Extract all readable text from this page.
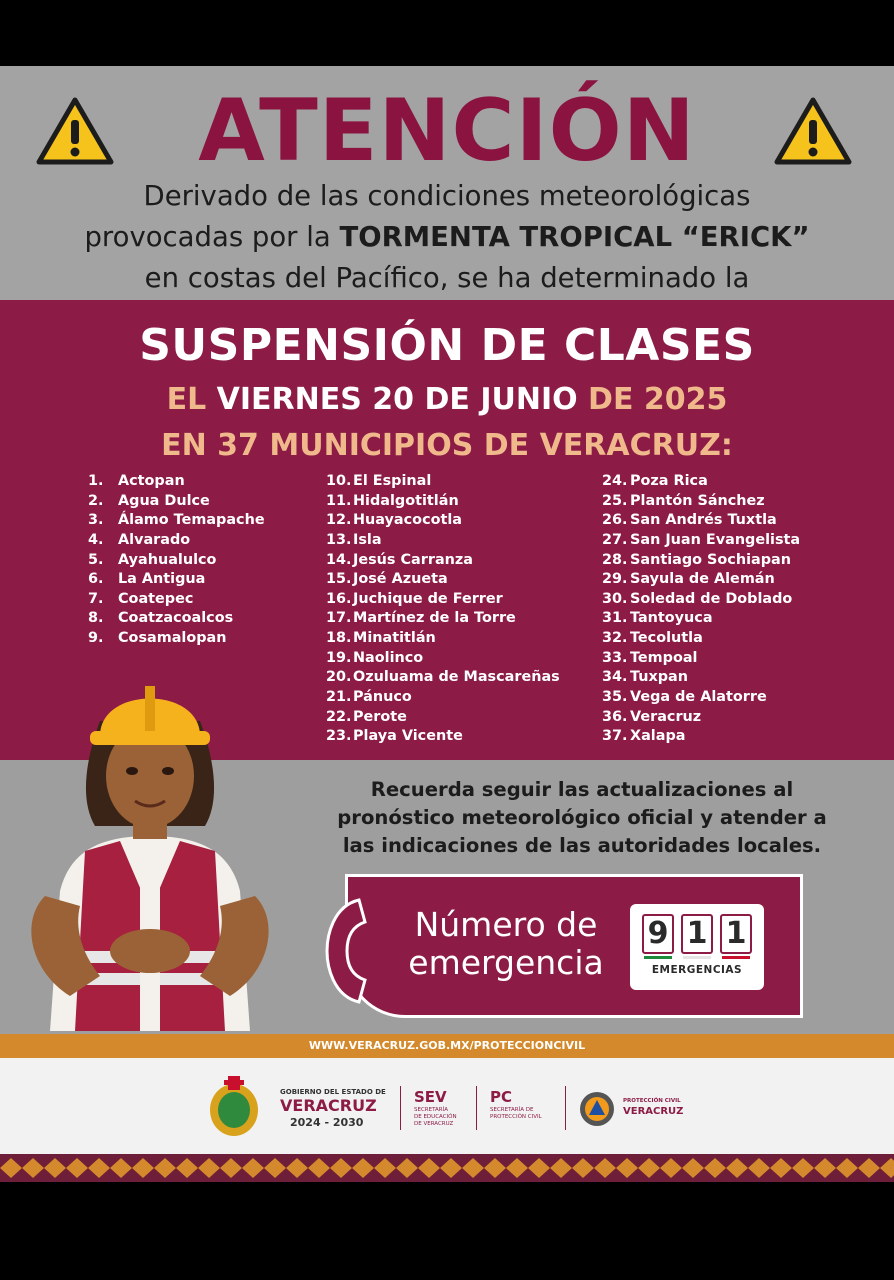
ATENCIÓN
Derivado de las condiciones meteorológicas
provocadas por la TORMENTA TROPICAL “ERICK”
en costas del Pacífico, se ha determinado la
SUSPENSIÓN DE CLASES
EL VIERNES 20 DE JUNIO DE 2025
EN 37 MUNICIPIOS DE VERACRUZ:
1. Actopan
2. Agua Dulce
3. Álamo Temapache
4. Alvarado
5. Ayahualulco
6. La Antigua
7. Coatepec
8. Coatzacoalcos
9. Cosamalopan
10. El Espinal
11. Hidalgotitlán
12. Huayacocotla
13. Isla
14. Jesús Carranza
15. José Azueta
16. Juchique de Ferrer
17. Martínez de la Torre
18. Minatitlán
19. Naolinco
20. Ozuluama de Mascareñas
21. Pánuco
22. Perote
23. Playa Vicente
24. Poza Rica
25. Plantón Sánchez
26. San Andrés Tuxtla
27. San Juan Evangelista
28. Santiago Sochiapan
29. Sayula de Alemán
30. Soledad de Doblado
31. Tantoyuca
32. Tecolutla
33. Tempoal
34. Tuxpan
35. Vega de Alatorre
36. Veracruz
37. Xalapa
Recuerda seguir las actualizaciones al
pronóstico meteorológico oficial y atender a
las indicaciones de las autoridades locales.
Número de
emergencia
9 1 1
EMERGENCIAS
WWW.VERACRUZ.GOB.MX/PROTECCIONCIVIL
GOBIERNO DEL ESTADO DE
VERACRUZ
2024 - 2030
SEV
SECRETARÍA
DE EDUCACIÓN
DE VERACRUZ
PC
SECRETARÍA DE
PROTECCIÓN CIVIL
PROTECCIÓN CIVIL
VERACRUZ
